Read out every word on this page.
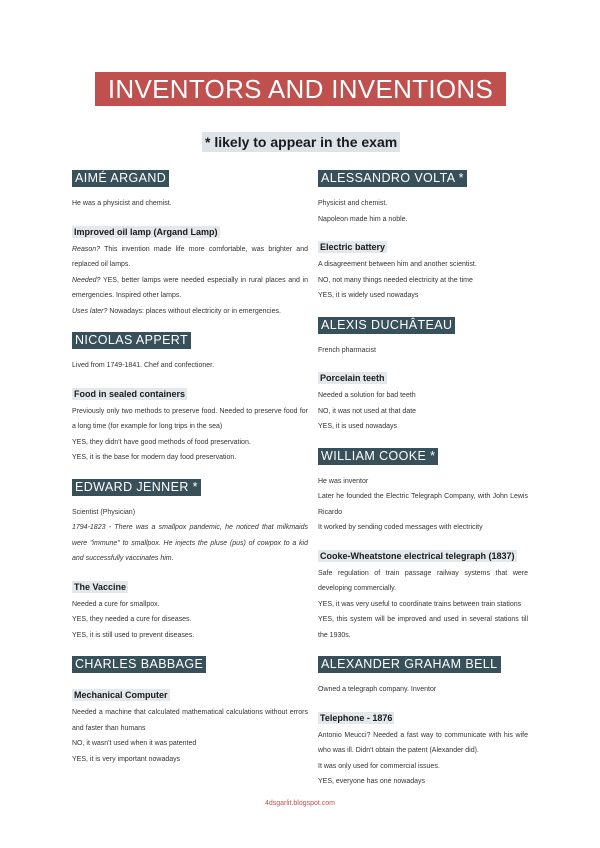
INVENTORS AND INVENTIONS
* likely to appear in the exam
AIMÉ ARGAND

He was a physicist and chemist.

Improved oil lamp (Argand Lamp)

Reason? This invention made life more comfortable, was brighter and replaced oil lamps.

Needed? YES, better lamps were needed especially in rural places and in emergencies. Inspired other lamps.

Uses later? Nowadays: places without electricity or in emergencies.

NICOLAS APPERT

Lived from 1749-1841. Chef and confectioner.

Food in sealed containers

Previously only two methods to preserve food. Needed to preserve food for a long time (for example for long trips in the sea)

YES, they didn't have good methods of food preservation.

YES, it is the base for modern day food preservation.

EDWARD JENNER *

Scientist (Physician)

1794-1823 - There was a smallpox pandemic, he noticed that milkmaids were "immune" to smallpox. He injects the pluse (pus) of cowpox to a kid and successfully vaccinates him.

The Vaccine

Needed a cure for smallpox.

YES, they needed a cure for diseases.

YES, it is still used to prevent diseases.

CHARLES BABBAGE
Mechanical Computer

Needed a machine that calculated mathematical calculations without errors and faster than humans

NO, it wasn't used when it was patented

YES, it is very important nowadays

ALESSANDRO VOLTA *

Physicist and chemist.

Napoleon made him a noble.

Electric battery

A disagreement between him and another scientist.

NO, not many things needed electricity at the time

YES, it is widely used nowadays

ALEXIS DUCHÂTEAU

French pharmacist

Porcelain teeth

Needed a solution for bad teeth

NO, it was not used at that date

YES, it is used nowadays

WILLIAM COOKE *

He was inventor

Later he founded the Electric Telegraph Company, with John Lewis Ricardo

It worked by sending coded messages with electricity

Cooke-Wheatstone electrical telegraph (1837)

Safe regulation of train passage railway systems that were developing commercially.

YES, it was very useful to coordinate trains between train stations

YES, this system will be improved and used in several stations till the 1930s.

ALEXANDER GRAHAM BELL

Owned a telegraph company. Inventor

Telephone - 1876

Antonio Meucci? Needed a fast way to communicate with his wife who was ill. Didn't obtain the patent (Alexander did).

It was only used for commercial issues.

YES, everyone has one nowadays

4dsgarlit.blogspot.com
